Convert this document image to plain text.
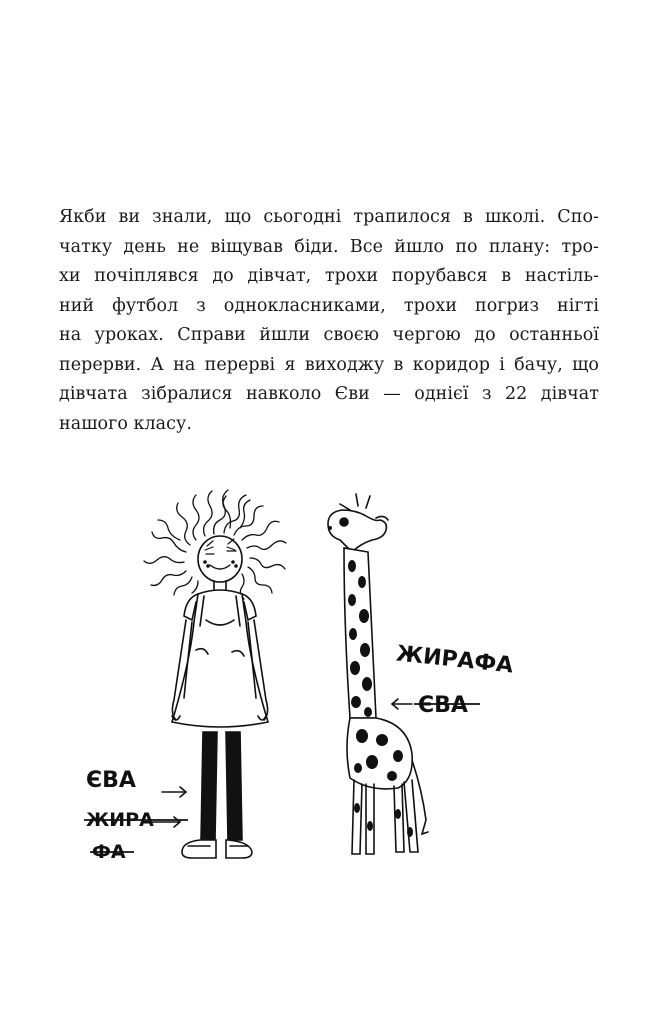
Якби ви знали, що сьогодні трапилося в школі. Спо-
чатку день не віщував біди. Все йшло по плану: тро-
хи почіплявся до дівчат, трохи порубався в настіль-
ний футбол з однокласниками, трохи погриз нігті
на уроках. Справи йшли своєю чергою до останньої
перерви. А на перерві я виходжу в коридор і бачу, що
дівчата зібралися навколо Єви — однієї з 22 дівчат
нашого класу.
ЄВА
ЖИРА
ФА
ЖИРАФА
ЄВА
